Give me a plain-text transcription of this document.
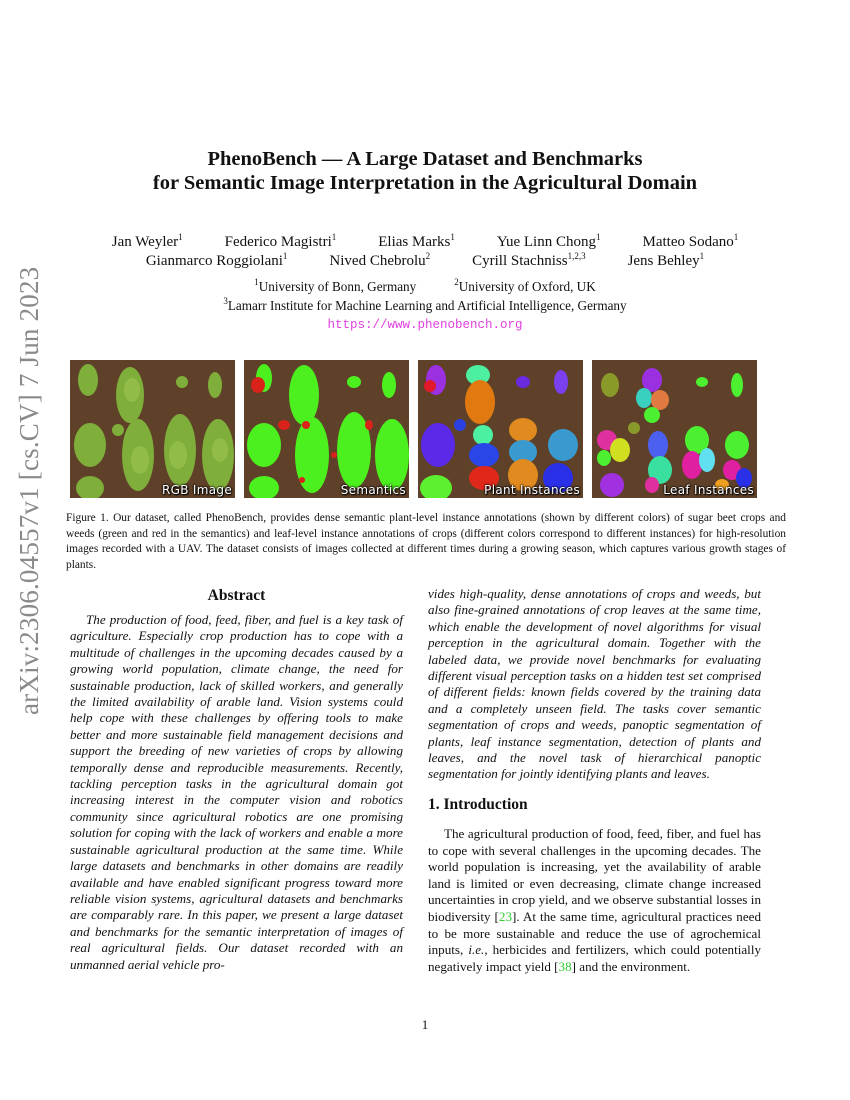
arXiv:2306.04557v1 [cs.CV] 7 Jun 2023
PhenoBench — A Large Dataset and Benchmarks
for Semantic Image Interpretation in the Agricultural Domain
Jan Weyler$^1$	Federico Magistri$^1$	Elias Marks$^1$	Yue Linn Chong$^1$	Matteo Sodano$^1$
Gianmarco Roggiolani$^1$	Nived Chebrolu$^2$	Cyrill Stachniss$^{1,2,3}$	Jens Behley$^1$
$^1$University of Bonn, Germany	$^2$University of Oxford, UK
$^3$Lamarr Institute for Machine Learning and Artificial Intelligence, Germany
https://www.phenobench.org
RGB Image	Semantics	Plant Instances	Leaf Instances
Figure 1. Our dataset, called PhenoBench, provides dense semantic plant-level instance annotations (shown by different colors) of sugar beet crops and weeds (green and red in the semantics) and leaf-level instance annotations of crops (different colors correspond to different instances) for high-resolution images recorded with a UAV. The dataset consists of images collected at different times during a growing season, which captures various growth stages of plants.
Abstract
The production of food, feed, fiber, and fuel is a key task of agriculture. Especially crop production has to cope with a multitude of challenges in the upcoming decades caused by a growing world population, climate change, the need for sustainable production, lack of skilled workers, and generally the limited availability of arable land. Vision systems could help cope with these challenges by offering tools to make better and more sustainable field management decisions and support the breeding of new varieties of crops by allowing temporally dense and reproducible measurements. Recently, tackling perception tasks in the agricultural domain got increasing interest in the computer vision and robotics community since agricultural robotics are one promising solution for coping with the lack of workers and enable a more sustainable agricultural production at the same time. While large datasets and benchmarks in other domains are readily available and have enabled significant progress toward more reliable vision systems, agricultural datasets and benchmarks are comparably rare. In this paper, we present a large dataset and benchmarks for the semantic interpretation of images of real agricultural fields. Our dataset recorded with an unmanned aerial vehicle pro-
vides high-quality, dense annotations of crops and weeds, but also fine-grained annotations of crop leaves at the same time, which enable the development of novel algorithms for visual perception in the agricultural domain. Together with the labeled data, we provide novel benchmarks for evaluating different visual perception tasks on a hidden test set comprised of different fields: known fields covered by the training data and a completely unseen field. The tasks cover semantic segmentation of crops and weeds, panoptic segmentation of plants, leaf instance segmentation, detection of plants and leaves, and the novel task of hierarchical panoptic segmentation for jointly identifying plants and leaves.
1. Introduction
The agricultural production of food, feed, fiber, and fuel has to cope with several challenges in the upcoming decades. The world population is increasing, yet the availability of arable land is limited or even decreasing, climate change increased uncertainties in crop yield, and we observe substantial losses in biodiversity [23]. At the same time, agricultural practices need to be more sustainable and reduce the use of agrochemical inputs, i.e., herbicides and fertilizers, which could potentially negatively impact yield [38] and the environment.
1
